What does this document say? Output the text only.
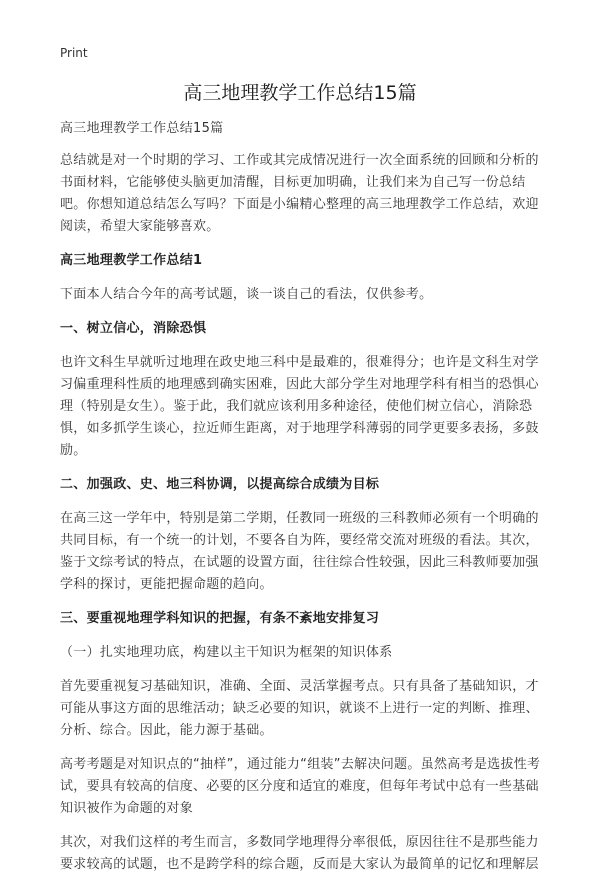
Print
高三地理教学工作总结15篇

高三地理教学工作总结15篇

总结就是对一个时期的学习、工作或其完成情况进行一次全面系统的回顾和分析的书面材料，它能够使头脑更加清醒，目标更加明确，让我们来为自己写一份总结吧。你想知道总结怎么写吗？下面是小编精心整理的高三地理教学工作总结，欢迎阅读，希望大家能够喜欢。

高三地理教学工作总结1

下面本人结合今年的高考试题，谈一谈自己的看法，仅供参考。

一、树立信心，消除恐惧

也许文科生早就听过地理在政史地三科中是最难的，很难得分；也许是文科生对学习偏重理科性质的地理感到确实困难，因此大部分学生对地理学科有相当的恐惧心理（特别是女生）。鉴于此，我们就应该利用多种途径，使他们树立信心，消除恐惧，如多抓学生谈心，拉近师生距离，对于地理学科薄弱的同学更要多表扬，多鼓励。

二、加强政、史、地三科协调，以提高综合成绩为目标

在高三这一学年中，特别是第二学期，任教同一班级的三科教师必须有一个明确的共同目标，有一个统一的计划，不要各自为阵，要经常交流对班级的看法。其次，鉴于文综考试的特点，在试题的设置方面，往往综合性较强，因此三科教师要加强学科的探讨，更能把握命题的趋向。

三、要重视地理学科知识的把握，有条不紊地安排复习

（一）扎实地理功底，构建以主干知识为框架的知识体系

首先要重视复习基础知识，准确、全面、灵活掌握考点。只有具备了基础知识，才可能从事这方面的思维活动；缺乏必要的知识，就谈不上进行一定的判断、推理、分析、综合。因此，能力源于基础。

高考考题是对知识点的“抽样”，通过能力“组装”去解决问题。虽然高考是选拔性考试，要具有较高的信度、必要的区分度和适宜的难度，但每年考试中总有一些基础知识被作为命题的对象

其次，对我们这样的考生而言，多数同学地理得分率很低，原因往往不是那些能力要求较高的试题，也不是跨学科的综合题，反而是大家认为最简单的记忆和理解层
